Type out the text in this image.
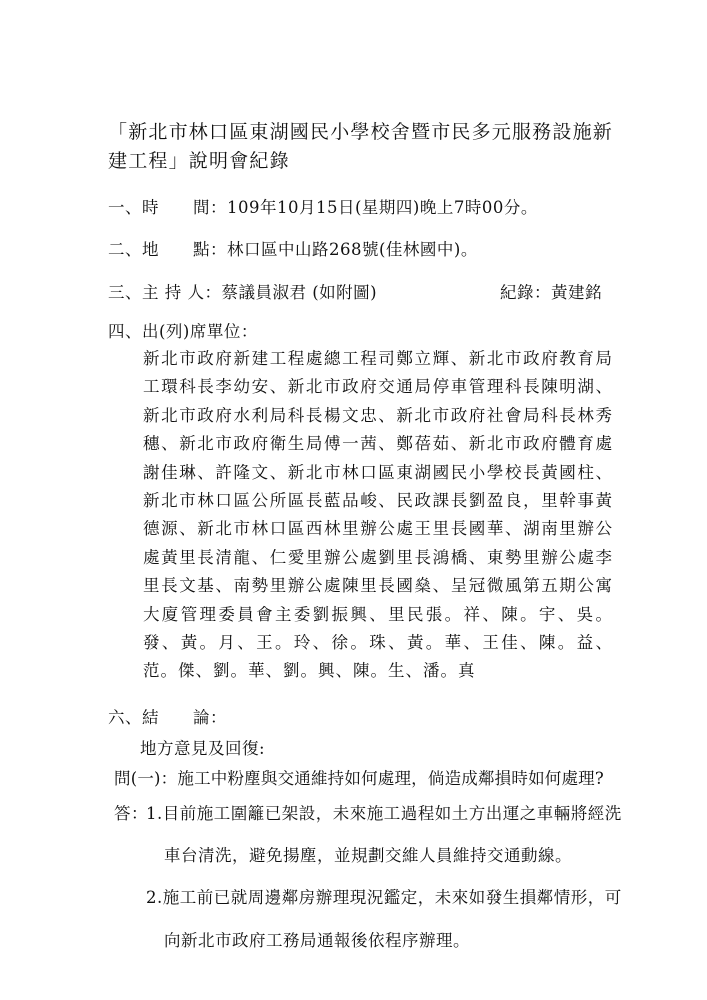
「新北市林口區東湖國民小學校舍暨市民多元服務設施新建工程」說明會紀錄
一、時　　間：109年10月15日(星期四)晚上7時00分。
二、地　　點：林口區中山路268號(佳林國中)。
三、主 持 人：蔡議員淑君 (如附圖)	紀錄：黃建銘
四、出(列)席單位：
新北市政府新建工程處總工程司鄭立輝、新北市政府教育局工環科長李幼安、新北市政府交通局停車管理科長陳明湖、新北市政府水利局科長楊文忠、新北市政府社會局科長林秀穗、新北市政府衛生局傅一茜、鄭蓓茹、新北市政府體育處謝佳琳、許隆文、新北市林口區東湖國民小學校長黃國柱、新北市林口區公所區長藍品峻、民政課長劉盈良，里幹事黃德源、新北市林口區西林里辦公處王里長國華、湖南里辦公處黃里長清龍、仁愛里辦公處劉里長鴻橋、東勢里辦公處李里長文基、南勢里辦公處陳里長國燊、呈冠微風第五期公寓大廈管理委員會主委劉振興、里民張。祥、陳。宇、吳。發、黃。月、王。玲、徐。珠、黃。華、王佳、陳。益、范。傑、劉。華、劉。興、陳。生、潘。真
六、結　　論：
地方意見及回復:
問(一)：施工中粉塵與交通維持如何處理，倘造成鄰損時如何處理?
答：
1.目前施工圍籬已架設，未來施工過程如土方出運之車輛將經洗
車台清洗，避免揚塵，並規劃交維人員維持交通動線。
2.施工前已就周邊鄰房辦理現況鑑定，未來如發生損鄰情形，可
向新北市政府工務局通報後依程序辦理。
